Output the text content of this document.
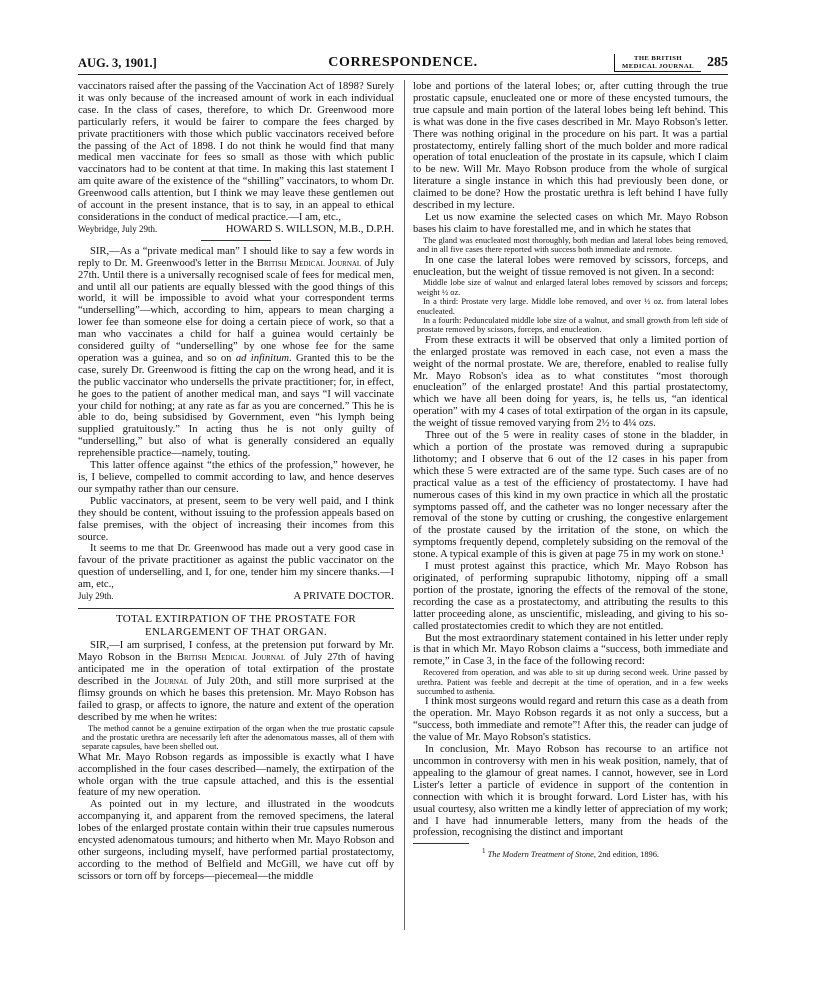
AUG. 3, 1901.]	CORRESPONDENCE.	THE BRITISH
MEDICAL JOURNAL 285

vaccinators raised after the passing of the Vaccination Act of 1898? Surely it was only because of the increased amount of work in each individual case. In the class of cases, therefore, to which Dr. Greenwood more particularly refers, it would be fairer to compare the fees charged by private practitioners with those which public vaccinators received before the passing of the Act of 1898. I do not think he would find that many medical men vaccinate for fees so small as those with which public vaccinators had to be content at that time. In making this last statement I am quite aware of the existence of the “shilling” vaccinators, to whom Dr. Greenwood calls attention, but I think we may leave these gentlemen out of account in the present instance, that is to say, in an appeal to ethical considerations in the conduct of medical practice.—I am, etc.,

Weybridge, July 29th.	HOWARD S. WILLSON, M.B., D.P.H.

SIR,—As a “private medical man” I should like to say a few words in reply to Dr. M. Greenwood's letter in the British Medical Journal of July 27th. Until there is a universally recognised scale of fees for medical men, and until all our patients are equally blessed with the good things of this world, it will be impossible to avoid what your correspondent terms “underselling”—which, according to him, appears to mean charging a lower fee than someone else for doing a certain piece of work, so that a man who vaccinates a child for half a guinea would certainly be considered guilty of “underselling” by one whose fee for the same operation was a guinea, and so on ad infinitum. Granted this to be the case, surely Dr. Greenwood is fitting the cap on the wrong head, and it is the public vaccinator who undersells the private practitioner; for, in effect, he goes to the patient of another medical man, and says “I will vaccinate your child for nothing; at any rate as far as you are concerned.” This he is able to do, being subsidised by Government, even “his lymph being supplied gratuitously.” In acting thus he is not only guilty of “underselling,” but also of what is generally considered an equally reprehensible practice—namely, touting.

This latter offence against “the ethics of the profession,” however, he is, I believe, compelled to commit according to law, and hence deserves our sympathy rather than our censure.

Public vaccinators, at present, seem to be very well paid, and I think they should be content, without issuing to the profession appeals based on false premises, with the object of increasing their incomes from this source.

It seems to me that Dr. Greenwood has made out a very good case in favour of the private practitioner as against the public vaccinator on the question of underselling, and I, for one, tender him my sincere thanks.—I am, etc.,

July 29th.	A PRIVATE DOCTOR.
TOTAL EXTIRPATION OF THE PROSTATE FOR ENLARGEMENT OF THAT ORGAN.

SIR,—I am surprised, I confess, at the pretension put forward by Mr. Mayo Robson in the British Medical Journal of July 27th of having anticipated me in the operation of total extirpation of the prostate described in the Journal of July 20th, and still more surprised at the flimsy grounds on which he bases this pretension. Mr. Mayo Robson has failed to grasp, or affects to ignore, the nature and extent of the operation described by me when he writes:

The method cannot be a genuine extirpation of the organ when the true prostatic capsule and the prostatic urethra are necessarily left after the adenomatous masses, all of them with separate capsules, have been shelled out.

What Mr. Mayo Robson regards as impossible is exactly what I have accomplished in the four cases described—namely, the extirpation of the whole organ with the true capsule attached, and this is the essential feature of my new operation.

As pointed out in my lecture, and illustrated in the woodcuts accompanying it, and apparent from the removed specimens, the lateral lobes of the enlarged prostate contain within their true capsules numerous encysted adenomatous tumours; and hitherto when Mr. Mayo Robson and other surgeons, including myself, have performed partial prostatectomy, according to the method of Belfield and McGill, we have cut off by scissors or torn off by forceps—piecemeal—the middle

lobe and portions of the lateral lobes; or, after cutting through the true prostatic capsule, enucleated one or more of these encysted tumours, the true capsule and main portion of the lateral lobes being left behind. This is what was done in the five cases described in Mr. Mayo Robson's letter. There was nothing original in the procedure on his part. It was a partial prostatectomy, entirely falling short of the much bolder and more radical operation of total enucleation of the prostate in its capsule, which I claim to be new. Will Mr. Mayo Robson produce from the whole of surgical literature a single instance in which this had previously been done, or claimed to be done? How the prostatic urethra is left behind I have fully described in my lecture.

Let us now examine the selected cases on which Mr. Mayo Robson bases his claim to have forestalled me, and in which he states that

The gland was enucleated most thoroughly, both median and lateral lobes being removed, and in all five cases there reported with success both immediate and remote.

In one case the lateral lobes were removed by scissors, forceps, and enucleation, but the weight of tissue removed is not given. In a second:

Middle lobe size of walnut and enlarged lateral lobes removed by scissors and forceps; weight ½ oz.

In a third: Prostate very large. Middle lobe removed, and over ½ oz. from lateral lobes enucleated.

In a fourth: Pedunculated middle lobe size of a walnut, and small growth from left side of prostate removed by scissors, forceps, and enucleation.

From these extracts it will be observed that only a limited portion of the enlarged prostate was removed in each case, not even a mass the weight of the normal prostate. We are, therefore, enabled to realise fully Mr. Mayo Robson's idea as to what constitutes “most thorough enucleation” of the enlarged prostate! And this partial prostatectomy, which we have all been doing for years, is, he tells us, “an identical operation” with my 4 cases of total extirpation of the organ in its capsule, the weight of tissue removed varying from 2½ to 4¼ ozs.

Three out of the 5 were in reality cases of stone in the bladder, in which a portion of the prostate was removed during a suprapubic lithotomy; and I observe that 6 out of the 12 cases in his paper from which these 5 were extracted are of the same type. Such cases are of no practical value as a test of the efficiency of prostatectomy. I have had numerous cases of this kind in my own practice in which all the prostatic symptoms passed off, and the catheter was no longer necessary after the removal of the stone by cutting or crushing, the congestive enlargement of the prostate caused by the irritation of the stone, on which the symptoms frequently depend, completely subsiding on the removal of the stone. A typical example of this is given at page 75 in my work on stone.¹

I must protest against this practice, which Mr. Mayo Robson has originated, of performing suprapubic lithotomy, nipping off a small portion of the prostate, ignoring the effects of the removal of the stone, recording the case as a prostatectomy, and attributing the results to this latter proceeding alone, as unscientific, misleading, and giving to his so-called prostatectomies credit to which they are not entitled.

But the most extraordinary statement contained in his letter under reply is that in which Mr. Mayo Robson claims a “success, both immediate and remote,” in Case 3, in the face of the following record:

Recovered from operation, and was able to sit up during second week. Urine passed by urethra. Patient was feeble and decrepit at the time of operation, and in a few weeks succumbed to asthenia.

I think most surgeons would regard and return this case as a death from the operation. Mr. Mayo Robson regards it as not only a success, but a “success, both immediate and remote”! After this, the reader can judge of the value of Mr. Mayo Robson's statistics.

In conclusion, Mr. Mayo Robson has recourse to an artifice not uncommon in controversy with men in his weak position, namely, that of appealing to the glamour of great names. I cannot, however, see in Lord Lister's letter a particle of evidence in support of the contention in connection with which it is brought forward. Lord Lister has, with his usual courtesy, also written me a kindly letter of appreciation of my work; and I have had innumerable letters, many from the heads of the profession, recognising the distinct and important

$^1$ The Modern Treatment of Stone, 2nd edition, 1896.
